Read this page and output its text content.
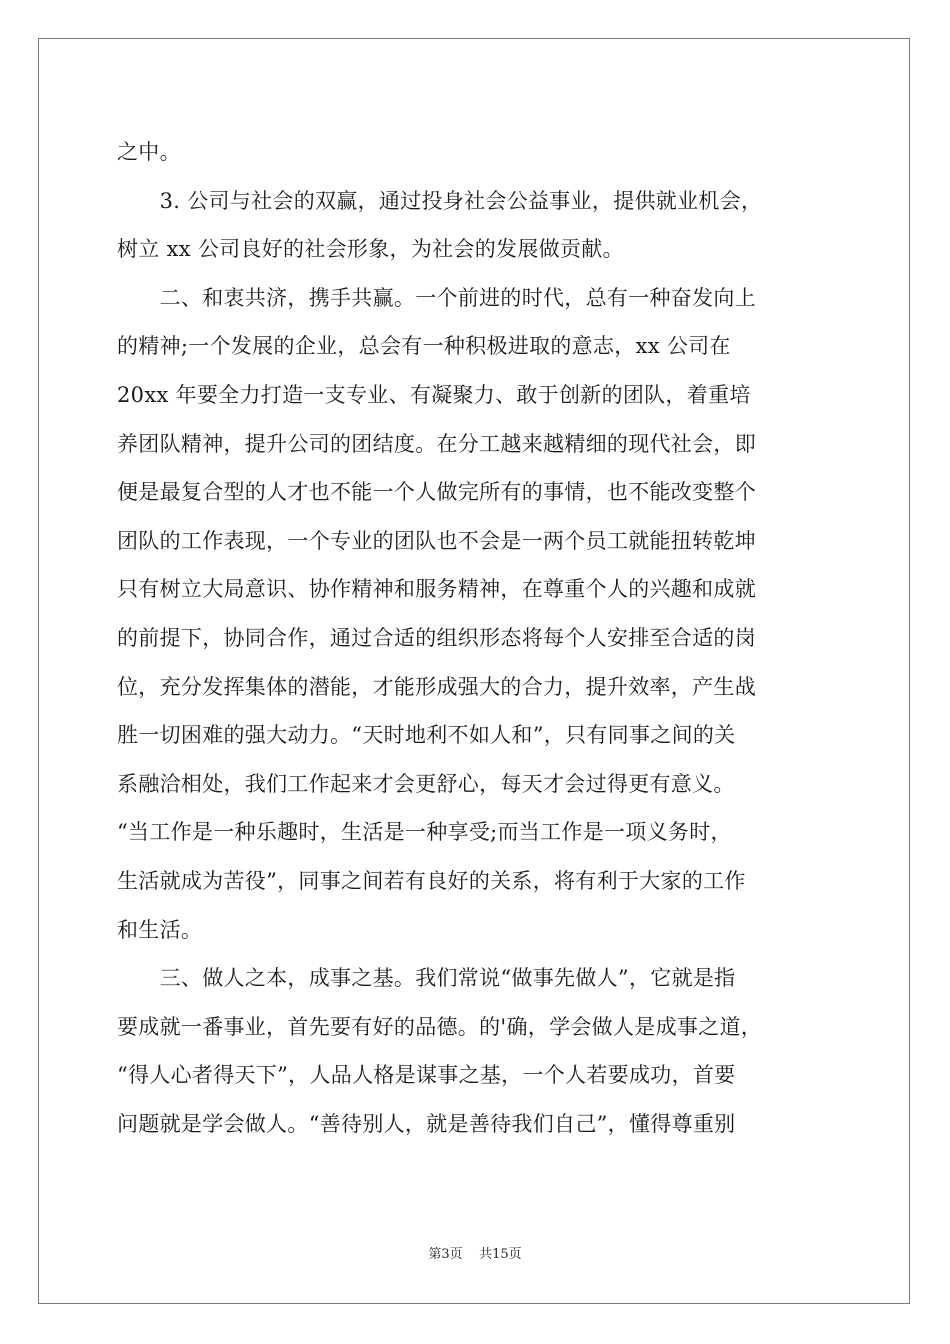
之中。
　　3. 公司与社会的双赢，通过投身社会公益事业，提供就业机会，
树立 xx 公司良好的社会形象，为社会的发展做贡献。
　　二、和衷共济，携手共赢。一个前进的时代，总有一种奋发向上
的精神;一个发展的企业，总会有一种积极进取的意志，xx 公司在
20xx 年要全力打造一支专业、有凝聚力、敢于创新的团队，着重培
养团队精神，提升公司的团结度。在分工越来越精细的现代社会，即
便是最复合型的人才也不能一个人做完所有的事情，也不能改变整个
团队的工作表现，一个专业的团队也不会是一两个员工就能扭转乾坤
只有树立大局意识、协作精神和服务精神，在尊重个人的兴趣和成就
的前提下，协同合作，通过合适的组织形态将每个人安排至合适的岗
位，充分发挥集体的潜能，才能形成强大的合力，提升效率，产生战
胜一切困难的强大动力。“天时地利不如人和”，只有同事之间的关
系融洽相处，我们工作起来才会更舒心，每天才会过得更有意义。
“当工作是一种乐趣时，生活是一种享受;而当工作是一项义务时，
生活就成为苦役”，同事之间若有良好的关系，将有利于大家的工作
和生活。
　　三、做人之本，成事之基。我们常说“做事先做人”，它就是指
要成就一番事业，首先要有好的品德。的'确，学会做人是成事之道，
“得人心者得天下”，人品人格是谋事之基，一个人若要成功，首要
问题就是学会做人。“善待别人，就是善待我们自己”，懂得尊重别
第3页 共15页
